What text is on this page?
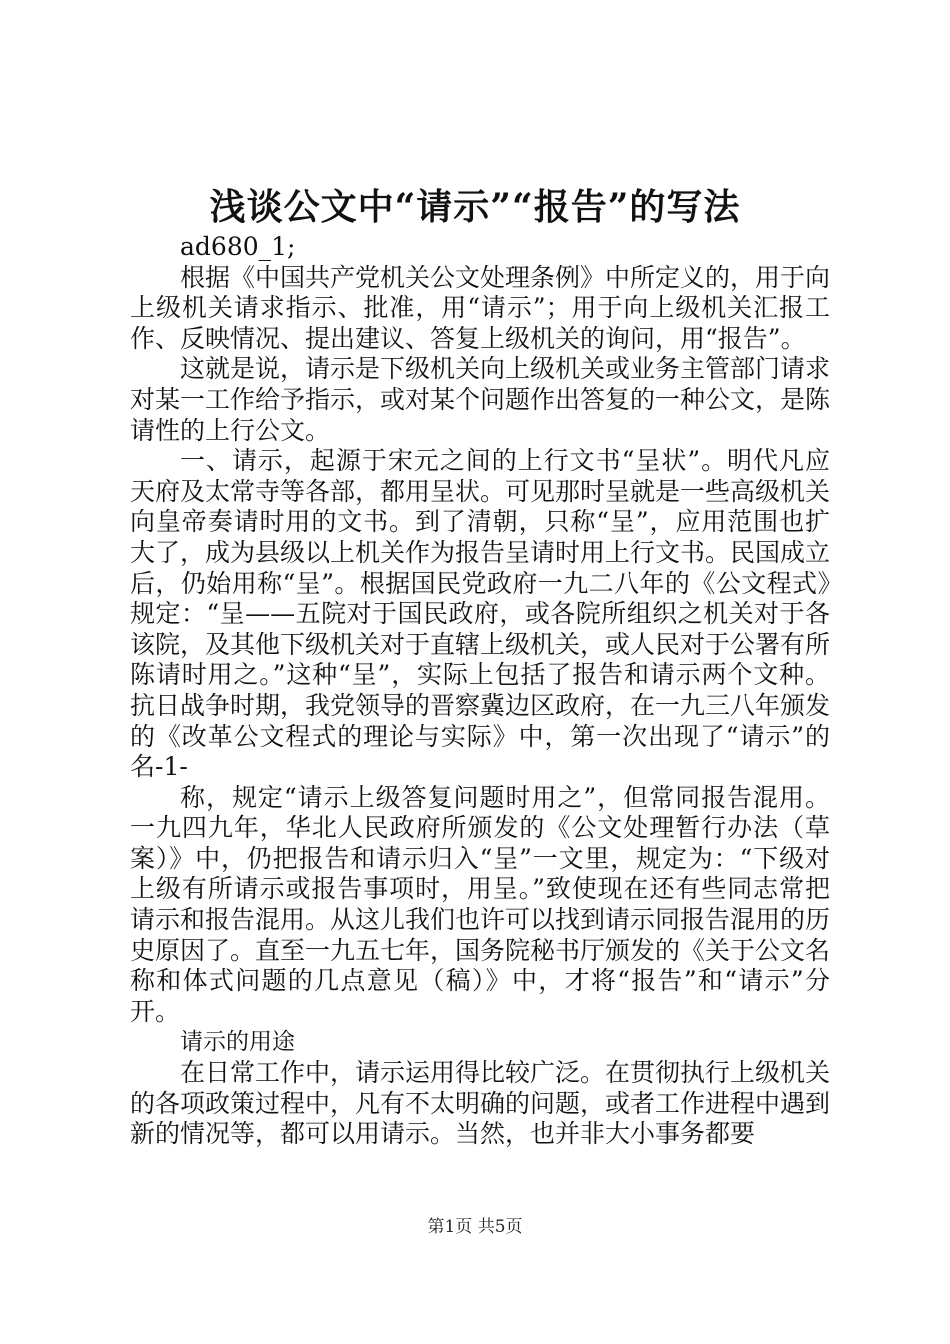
浅谈公文中“请示”“报告”的写法

ad680_1;

根据《中国共产党机关公文处理条例》中所定义的，用于向上级机关请求指示、批准，用“请示”；用于向上级机关汇报工作、反映情况、提出建议、答复上级机关的询问，用“报告”。

这就是说，请示是下级机关向上级机关或业务主管部门请求对某一工作给予指示，或对某个问题作出答复的一种公文，是陈请性的上行公文。

一、请示，起源于宋元之间的上行文书“呈状”。明代凡应天府及太常寺等各部，都用呈状。可见那时呈就是一些高级机关向皇帝奏请时用的文书。到了清朝，只称“呈”，应用范围也扩大了，成为县级以上机关作为报告呈请时用上行文书。民国成立后，仍始用称“呈”。根据国民党政府一九二八年的《公文程式》规定：“呈——五院对于国民政府，或各院所组织之机关对于各该院，及其他下级机关对于直辖上级机关，或人民对于公署有所陈请时用之。”这种“呈”，实际上包括了报告和请示两个文种。抗日战争时期，我党领导的晋察冀边区政府，在一九三八年颁发的《改革公文程式的理论与实际》中，第一次出现了“请示”的名-1-

称，规定“请示上级答复问题时用之”，但常同报告混用。一九四九年，华北人民政府所颁发的《公文处理暂行办法（草案）》中，仍把报告和请示归入“呈”一文里，规定为：“下级对上级有所请示或报告事项时，用呈。”致使现在还有些同志常把请示和报告混用。从这儿我们也许可以找到请示同报告混用的历史原因了。直至一九五七年，国务院秘书厅颁发的《关于公文名称和体式问题的几点意见（稿）》中，才将“报告”和“请示”分开。

请示的用途

在日常工作中，请示运用得比较广泛。在贯彻执行上级机关的各项政策过程中，凡有不太明确的问题，或者工作进程中遇到新的情况等，都可以用请示。当然，也并非大小事务都要

第1页 共5页
